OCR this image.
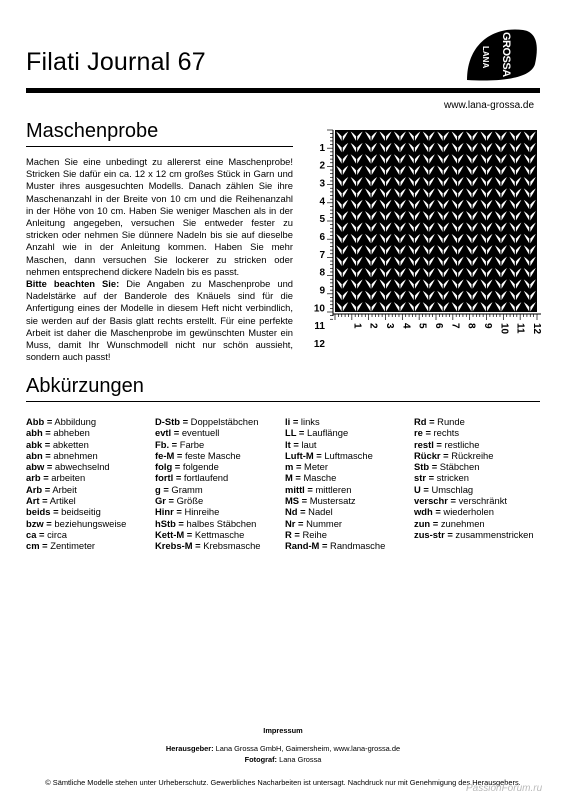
Filati Journal 67	GROSSA
LANA
www.lana-grossa.de
Maschenprobe

Machen Sie eine unbedingt zu allererst eine Maschenprobe! Stricken Sie dafür ein ca. 12 x 12 cm großes Stück in Garn und Muster ihres ausgesuchten Modells. Danach zählen Sie ihre Maschenanzahl in der Breite von 10 cm und die Reihenanzahl in der Höhe von 10 cm. Haben Sie weniger Maschen als in der Anleitung angegeben, versuchen Sie entweder fester zu stricken oder nehmen Sie dünnere Nadeln bis sie auf dieselbe Anzahl wie in der Anleitung kommen. Haben Sie mehr Maschen, dann versuchen Sie lockerer zu stricken oder nehmen entsprechend dickere Nadeln bis es passt.

Bitte beachten Sie: Die Angaben zu Maschenprobe und Nadelstärke auf der Banderole des Knäuels sind für die Anfertigung eines der Modelle in diesem Heft nicht verbindlich, sie werden auf der Basis glatt rechts erstellt. Für eine perfekte Arbeit ist daher die Maschenprobe im gewünschten Muster ein Muss, damit Ihr Wunschmodell nicht nur schön aussieht, sondern auch passt!

1
2
3
4
5
6
7
8
9
10
11
12
1 2 3 4 5 6 7 8 9 10 11 12
Abkürzungen
Abb = Abbildung
abh = abheben
abk = abketten
abn = abnehmen
abw = abwechselnd
arb = arbeiten
Arb = Arbeit
Art = Artikel
beids = beidseitig
bzw = beziehungsweise
ca = circa
cm = Zentimeter
D-Stb = Doppelstäbchen
evtl = eventuell
Fb. = Farbe
fe-M = feste Masche
folg = folgende
fortl = fortlaufend
g = Gramm
Gr = Größe
Hinr = Hinreihe
hStb = halbes Stäbchen
Kett-M = Kettmasche
Krebs-M = Krebsmasche
li = links
LL = Lauflänge
lt = laut
Luft-M = Luftmasche
m = Meter
M = Masche
mittl = mittleren
MS = Mustersatz
Nd = Nadel
Nr = Nummer
R = Reihe
Rand-M = Randmasche
Rd = Runde
re = rechts
restl = restliche
Rückr = Rückreihe
Stb = Stäbchen
str = stricken
U = Umschlag
verschr = verschränkt
wdh = wiederholen
zun = zunehmen
zus-str = zusammenstricken
Impressum
Herausgeber: Lana Grossa GmbH, Gaimersheim, www.lana-grossa.de
Fotograf: Lana Grossa
© Sämtliche Modelle stehen unter Urheberschutz. Gewerbliches Nacharbeiten ist untersagt. Nachdruck nur mit Genehmigung des Herausgebers.
PassionForum.ru
